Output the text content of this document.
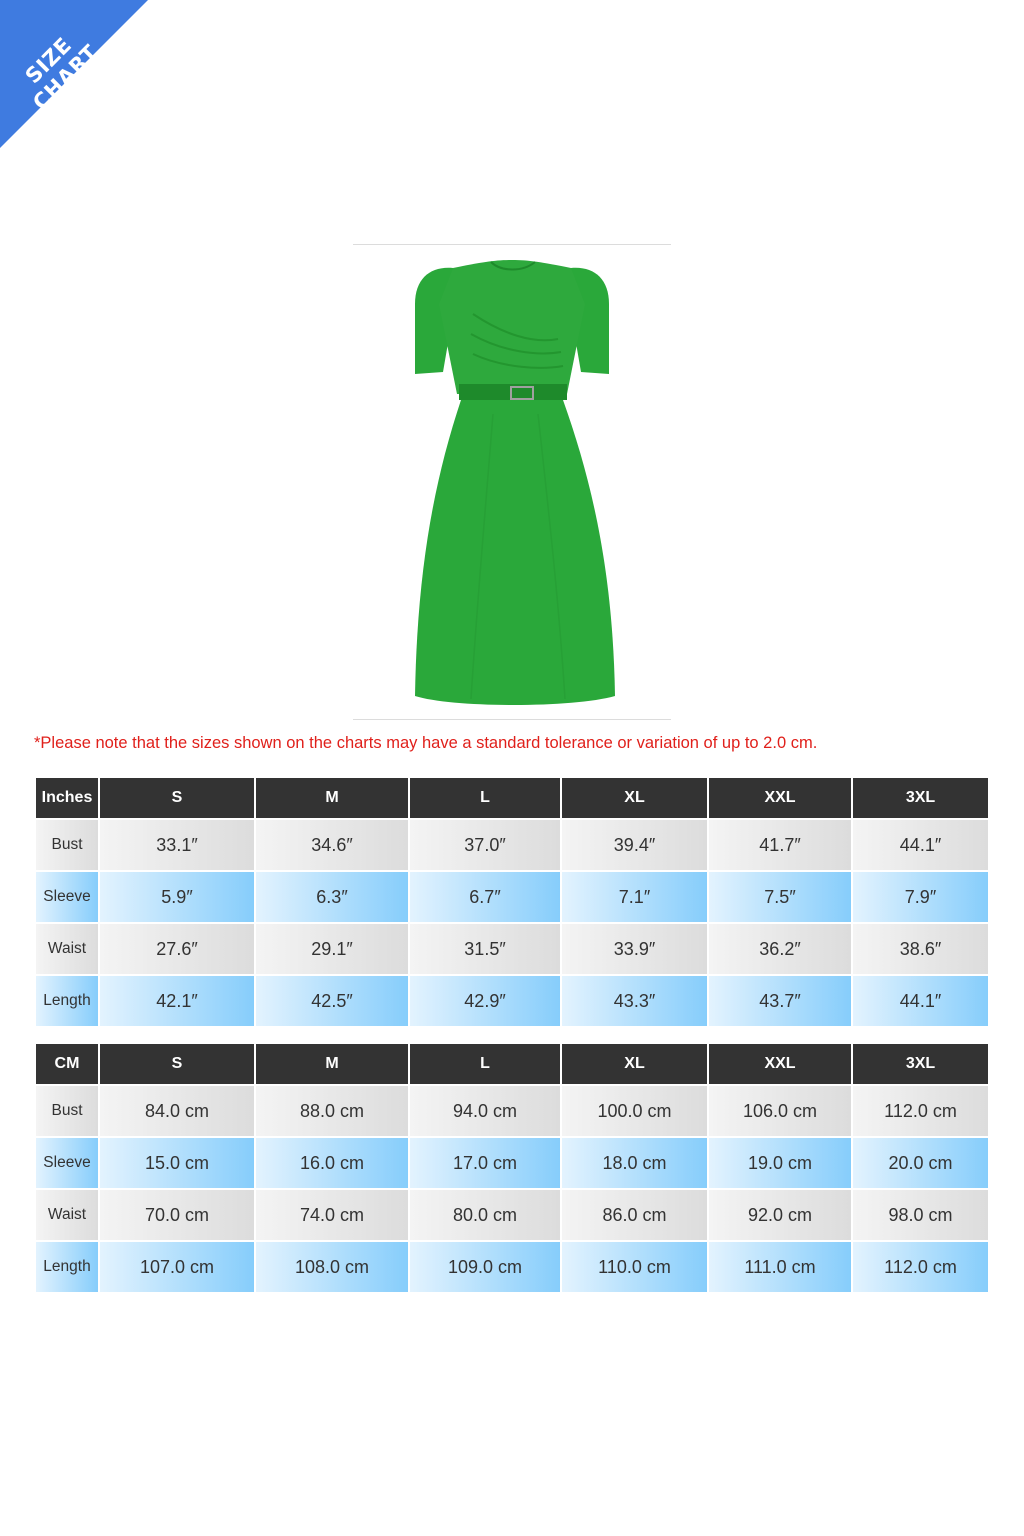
SIZE CHART
*Please note that the sizes shown on the charts may have a standard tolerance or variation of up to 2.0 cm.
Inches	S	M	L	XL	XXL	3XL
Bust	33.1″	34.6″	37.0″	39.4″	41.7″	44.1″
Sleeve	5.9″	6.3″	6.7″	7.1″	7.5″	7.9″
Waist	27.6″	29.1″	31.5″	33.9″	36.2″	38.6″
Length	42.1″	42.5″	42.9″	43.3″	43.7″	44.1″
CM	S	M	L	XL	XXL	3XL
Bust	84.0 cm	88.0 cm	94.0 cm	100.0 cm	106.0 cm	112.0 cm
Sleeve	15.0 cm	16.0 cm	17.0 cm	18.0 cm	19.0 cm	20.0 cm
Waist	70.0 cm	74.0 cm	80.0 cm	86.0 cm	92.0 cm	98.0 cm
Length	107.0 cm	108.0 cm	109.0 cm	110.0 cm	111.0 cm	112.0 cm
